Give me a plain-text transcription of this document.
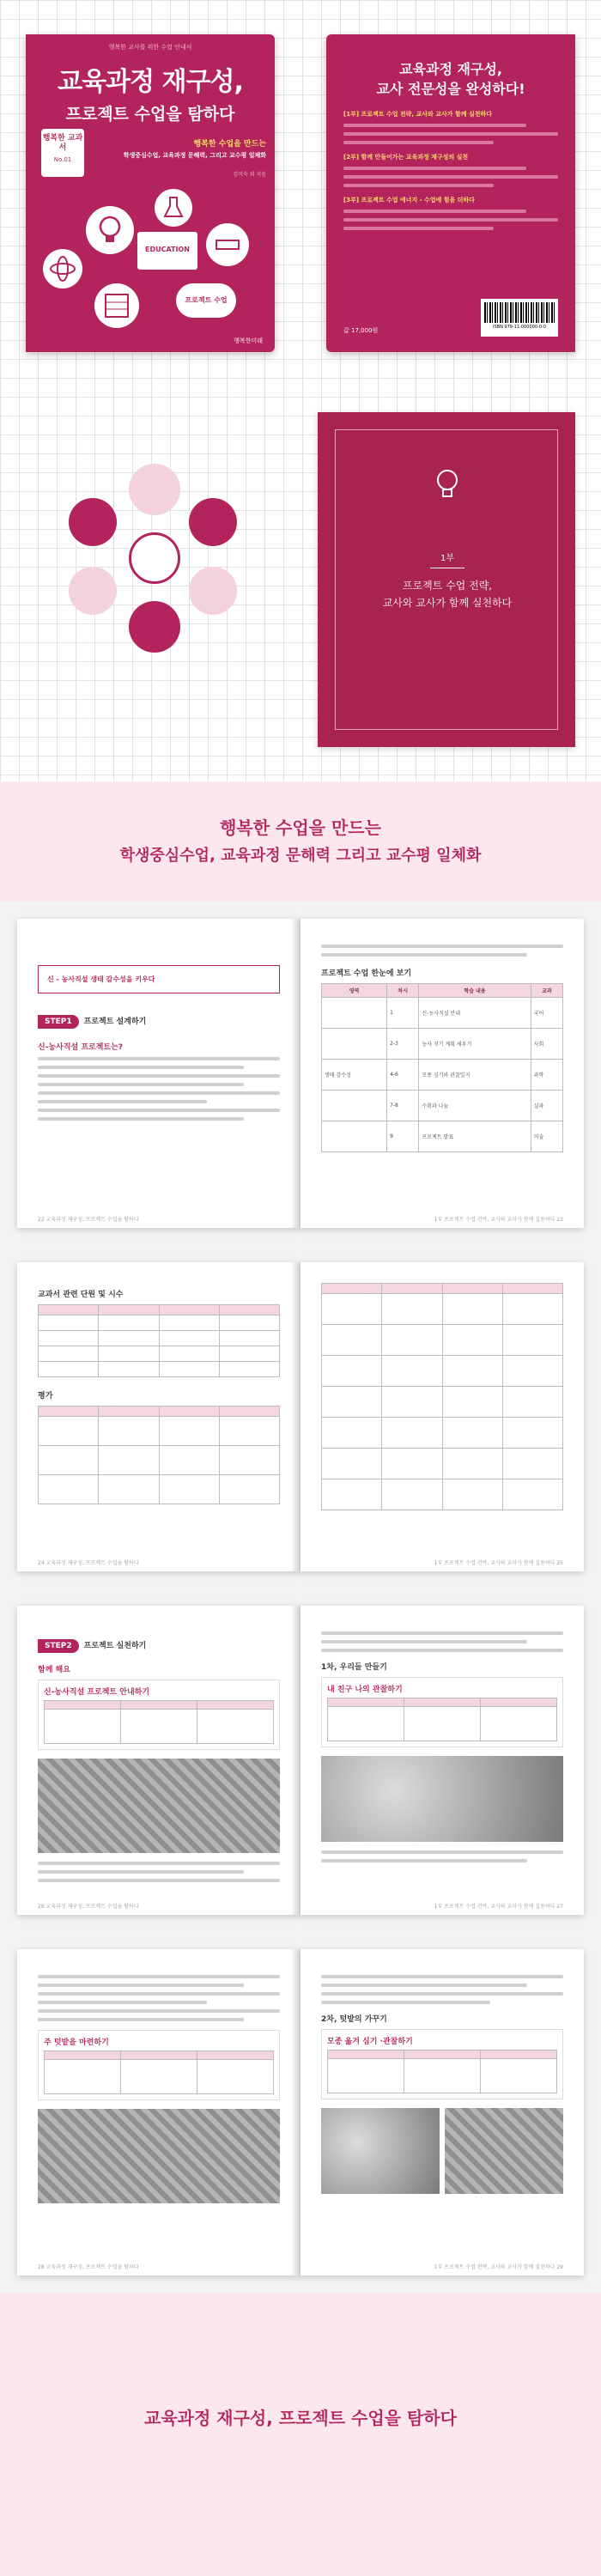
행복한 교사를 위한 수업 안내서
교육과정 재구성,
프로젝트 수업을 탐하다
행복한 교과서
No.01
행복한 수업을 만드는
학생중심수업, 교육과정 문해력, 그리고 교수평 일체화
김미숙 외 지음
EDUCATION
프로젝트 수업
행복한미래
교육과정 재구성,
교사 전문성을 완성하다!
[1부] 프로젝트 수업 전략, 교사와 교사가 함께 실천하다
[2부] 함께 만들어가는 교육과정 재구성의 실천
[3부] 프로젝트 수업 에너지 - 수업에 힘을 더하다
ISBN 979-11-000000-0-0
값 17,000원
1부
프로젝트 수업 전략,
교사와 교사가 함께 실천하다
행복한 수업을 만드는
학생중심수업, 교육과정 문해력 그리고 교수평 일체화
신 - 농사직설 생태 감수성을 키우다
STEP1 프로젝트 설계하기
신-농사직설 프로젝트는?
22 교육과정 재구성, 프로젝트 수업을 탐하다
프로젝트 수업 한눈에 보기
영역	차시	학습 내용	교과
	1	신-농사직설 안내	국어
	2-3	농사 짓기 계획 세우기	사회
생태 감수성	4-6	모종 심기와 관찰일지	과학
	7-8	수확과 나눔	실과
	9	프로젝트 발표	미술
1부 프로젝트 수업 전략, 교사와 교사가 함께 실천하다 23
교과서 관련 단원 및 시수

평가

24 교육과정 재구성, 프로젝트 수업을 탐하다

				1부 프로젝트 수업 전략, 교사와 교사가 함께 실천하다 25
STEP2 프로젝트 실천하기
함께 해요
신-농사직설 프로젝트 안내하기

26 교육과정 재구성, 프로젝트 수업을 탐하다
1차, 우리들 만들기
내 친구 나의 관찰하기

1부 프로젝트 수업 전략, 교사와 교사가 함께 실천하다 27
주 텃밭을 마련하기

28 교육과정 재구성, 프로젝트 수업을 탐하다
2차, 텃밭의 가꾸기
모종 옮겨 심기 ·관찰하기

1부 프로젝트 수업 전략, 교사와 교사가 함께 실천하다 29
교육과정 재구성, 프로젝트 수업을 탐하다
